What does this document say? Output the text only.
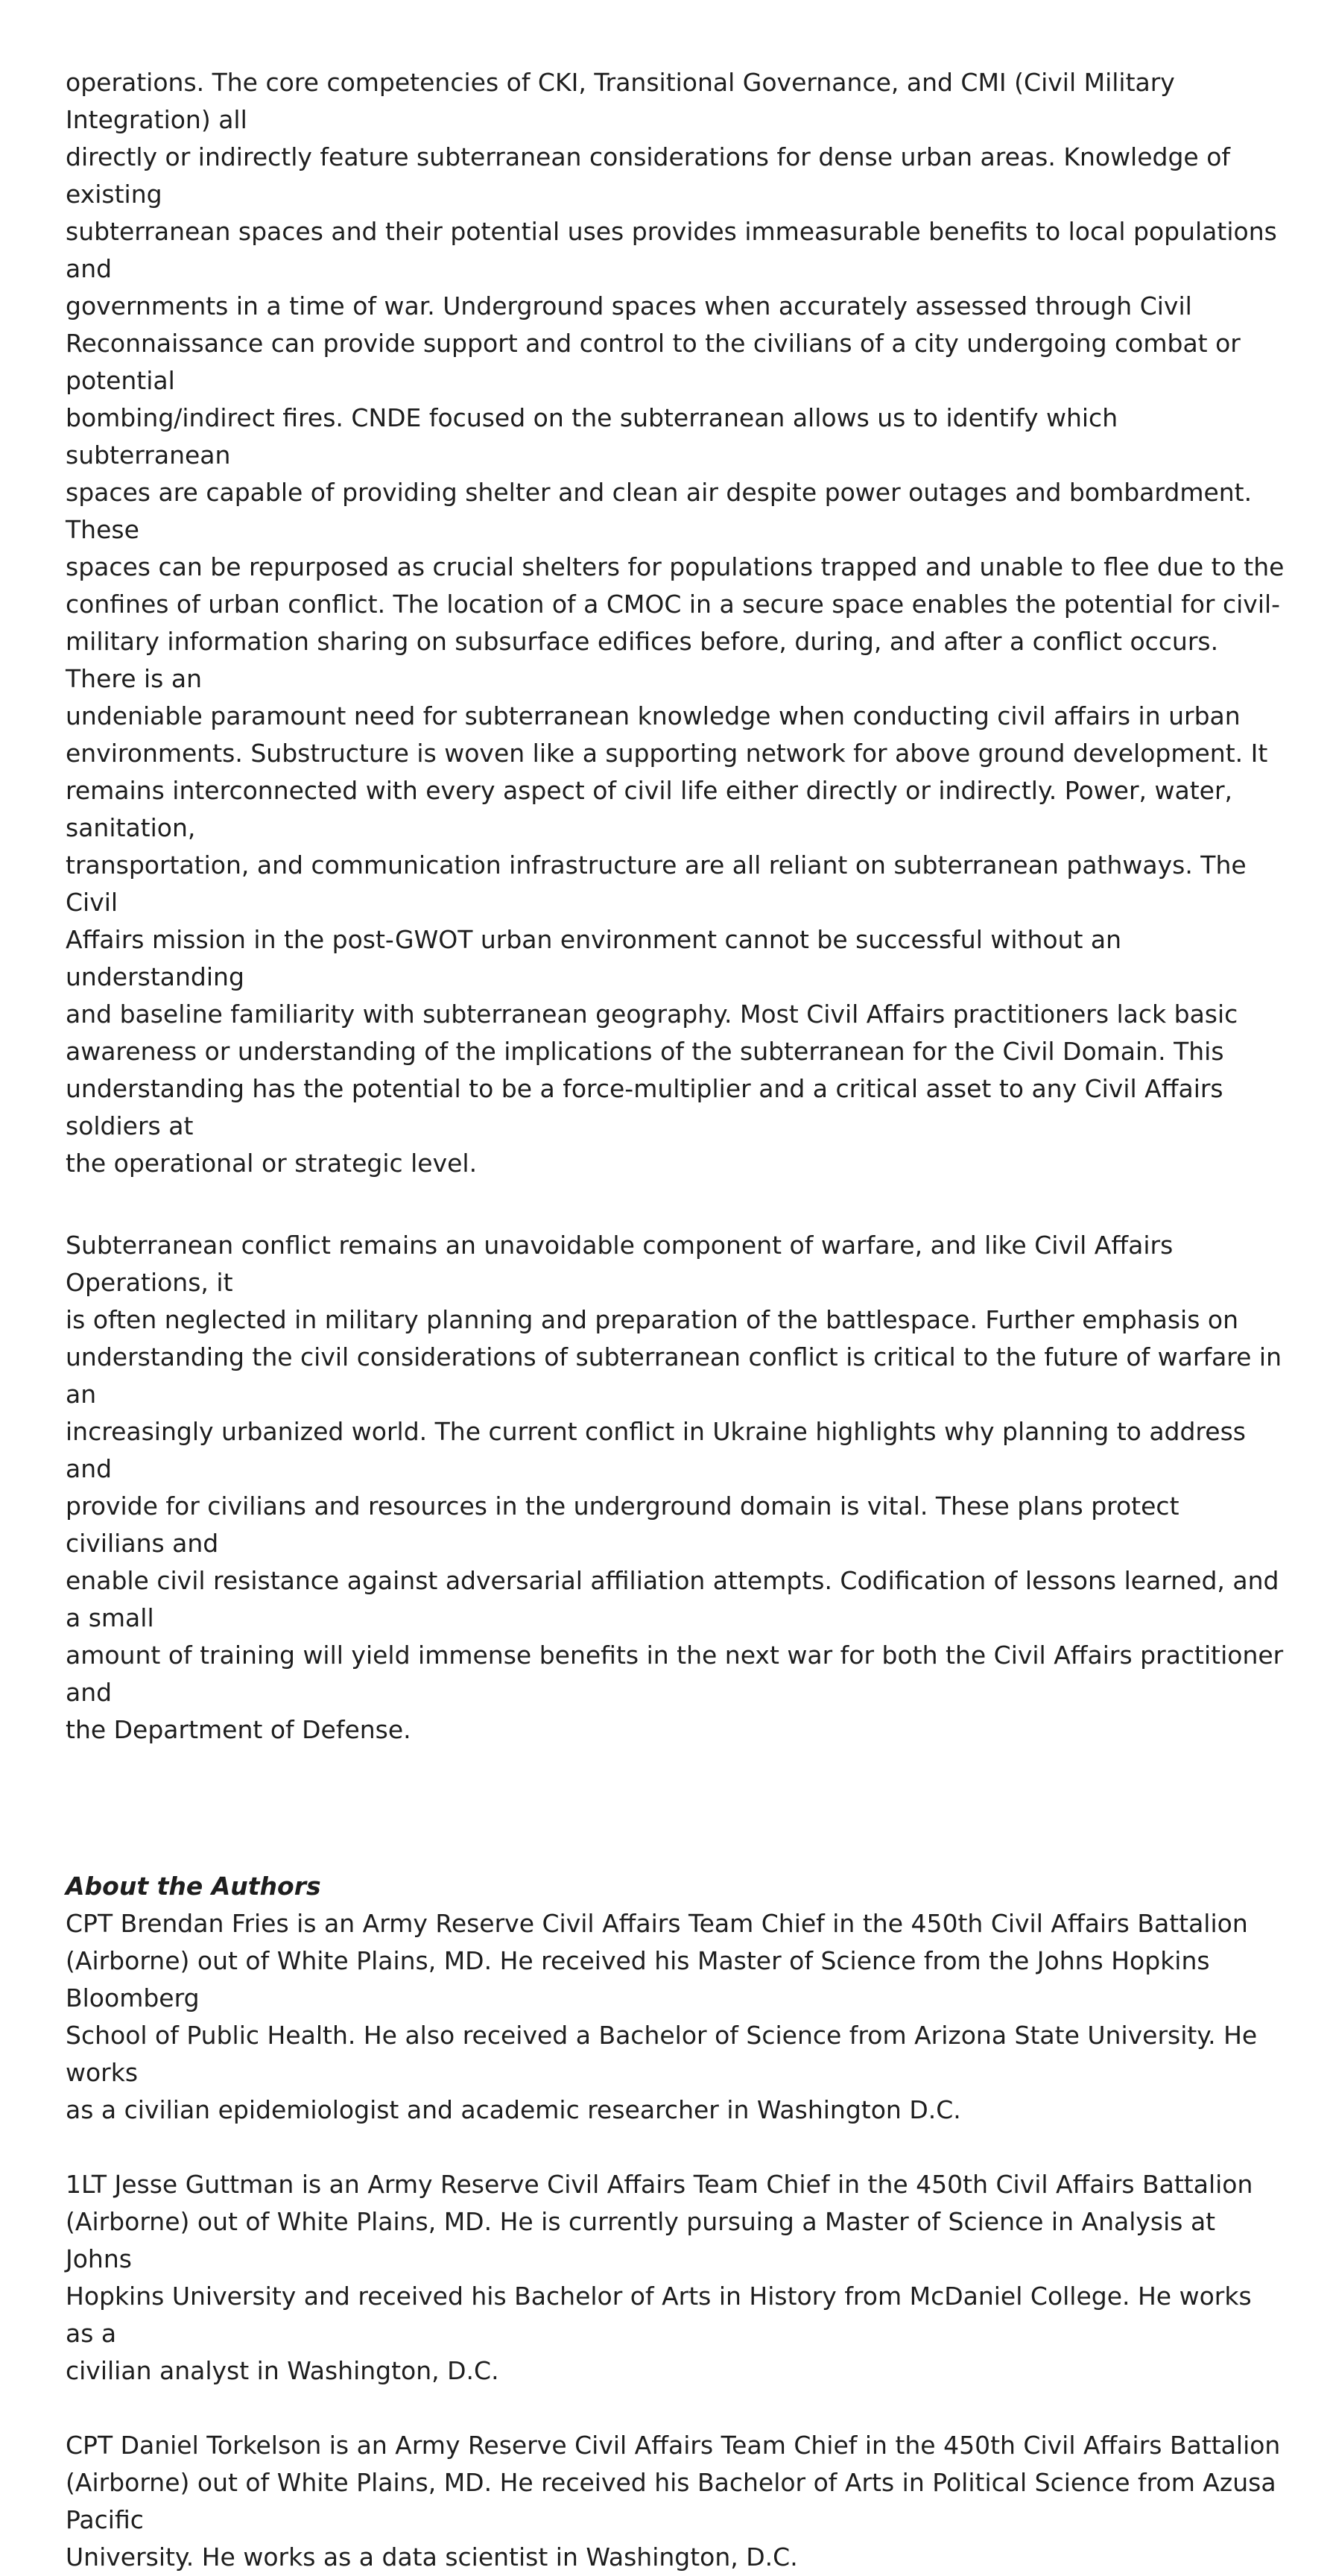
operations. The core competencies of CKI, Transitional Governance, and CMI (Civil Military Integration) all
directly or indirectly feature subterranean considerations for dense urban areas. Knowledge of existing
subterranean spaces and their potential uses provides immeasurable benefits to local populations and
governments in a time of war. Underground spaces when accurately assessed through Civil
Reconnaissance can provide support and control to the civilians of a city undergoing combat or potential
bombing/indirect fires. CNDE focused on the subterranean allows us to identify which subterranean
spaces are capable of providing shelter and clean air despite power outages and bombardment. These
spaces can be repurposed as crucial shelters for populations trapped and unable to flee due to the
confines of urban conflict. The location of a CMOC in a secure space enables the potential for civil-
military information sharing on subsurface edifices before, during, and after a conflict occurs. There is an
undeniable paramount need for subterranean knowledge when conducting civil affairs in urban
environments. Substructure is woven like a supporting network for above ground development. It
remains interconnected with every aspect of civil life either directly or indirectly. Power, water, sanitation,
transportation, and communication infrastructure are all reliant on subterranean pathways. The Civil
Affairs mission in the post-GWOT urban environment cannot be successful without an understanding
and baseline familiarity with subterranean geography. Most Civil Affairs practitioners lack basic
awareness or understanding of the implications of the subterranean for the Civil Domain. This
understanding has the potential to be a force-multiplier and a critical asset to any Civil Affairs soldiers at
the operational or strategic level.

Subterranean conflict remains an unavoidable component of warfare, and like Civil Affairs Operations, it
is often neglected in military planning and preparation of the battlespace. Further emphasis on
understanding the civil considerations of subterranean conflict is critical to the future of warfare in an
increasingly urbanized world. The current conflict in Ukraine highlights why planning to address and
provide for civilians and resources in the underground domain is vital. These plans protect civilians and
enable civil resistance against adversarial affiliation attempts. Codification of lessons learned, and a small
amount of training will yield immense benefits in the next war for both the Civil Affairs practitioner and
the Department of Defense.

About the Authors

CPT Brendan Fries is an Army Reserve Civil Affairs Team Chief in the 450th Civil Affairs Battalion
(Airborne) out of White Plains, MD. He received his Master of Science from the Johns Hopkins Bloomberg
School of Public Health. He also received a Bachelor of Science from Arizona State University. He works
as a civilian epidemiologist and academic researcher in Washington D.C.

1LT Jesse Guttman is an Army Reserve Civil Affairs Team Chief in the 450th Civil Affairs Battalion
(Airborne) out of White Plains, MD. He is currently pursuing a Master of Science in Analysis at Johns
Hopkins University and received his Bachelor of Arts in History from McDaniel College. He works as a
civilian analyst in Washington, D.C.

CPT Daniel Torkelson is an Army Reserve Civil Affairs Team Chief in the 450th Civil Affairs Battalion
(Airborne) out of White Plains, MD. He received his Bachelor of Arts in Political Science from Azusa Pacific
University. He works as a data scientist in Washington, D.C.
